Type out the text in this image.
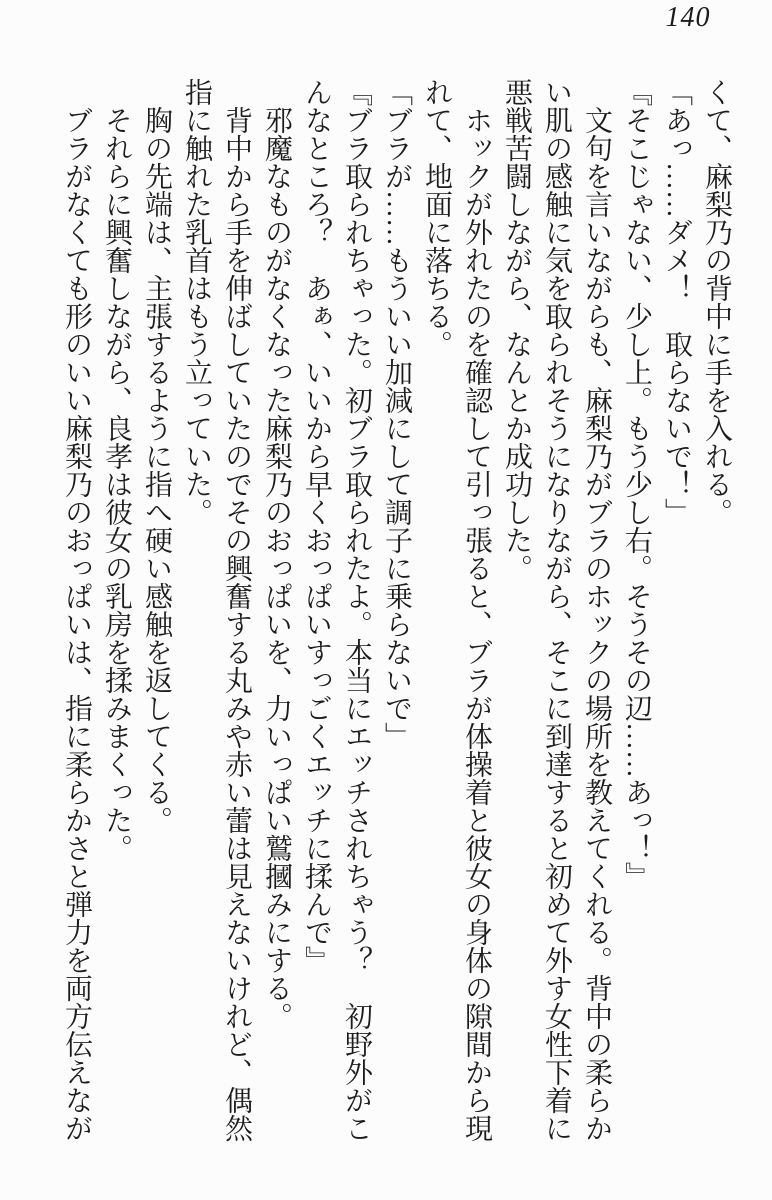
140

くて、麻梨乃の背中に手を入れる。

「あっ……ダメ！　取らないで！」

『そこじゃない、少し上。もう少し右。そうその辺……あっ！』

文句を言いながらも、麻梨乃がブラのホックの場所を教えてくれる。背中の柔らか

い肌の感触に気を取られそうになりながら、そこに到達すると初めて外す女性下着に

悪戦苦闘しながら、なんとか成功した。

ホックが外れたのを確認して引っ張ると、ブラが体操着と彼女の身体の隙間から現

れて、地面に落ちる。

「ブラが……もういい加減にして調子に乗らないで」

『ブラ取られちゃった。初ブラ取られたよ。本当にエッチされちゃう？　初野外がこ

んなところ？　あぁ、いいから早くおっぱいすっごくエッチに揉んで』

邪魔なものがなくなった麻梨乃のおっぱいを、力いっぱい鷲摑みにする。

背中から手を伸ばしていたのでその興奮する丸みや赤い蕾は見えないけれど、偶然

指に触れた乳首はもう立っていた。

胸の先端は、主張するように指へ硬い感触を返してくる。

それらに興奮しながら、良孝は彼女の乳房を揉みまくった。

ブラがなくても形のいい麻梨乃のおっぱいは、指に柔らかさと弾力を両方伝えなが
